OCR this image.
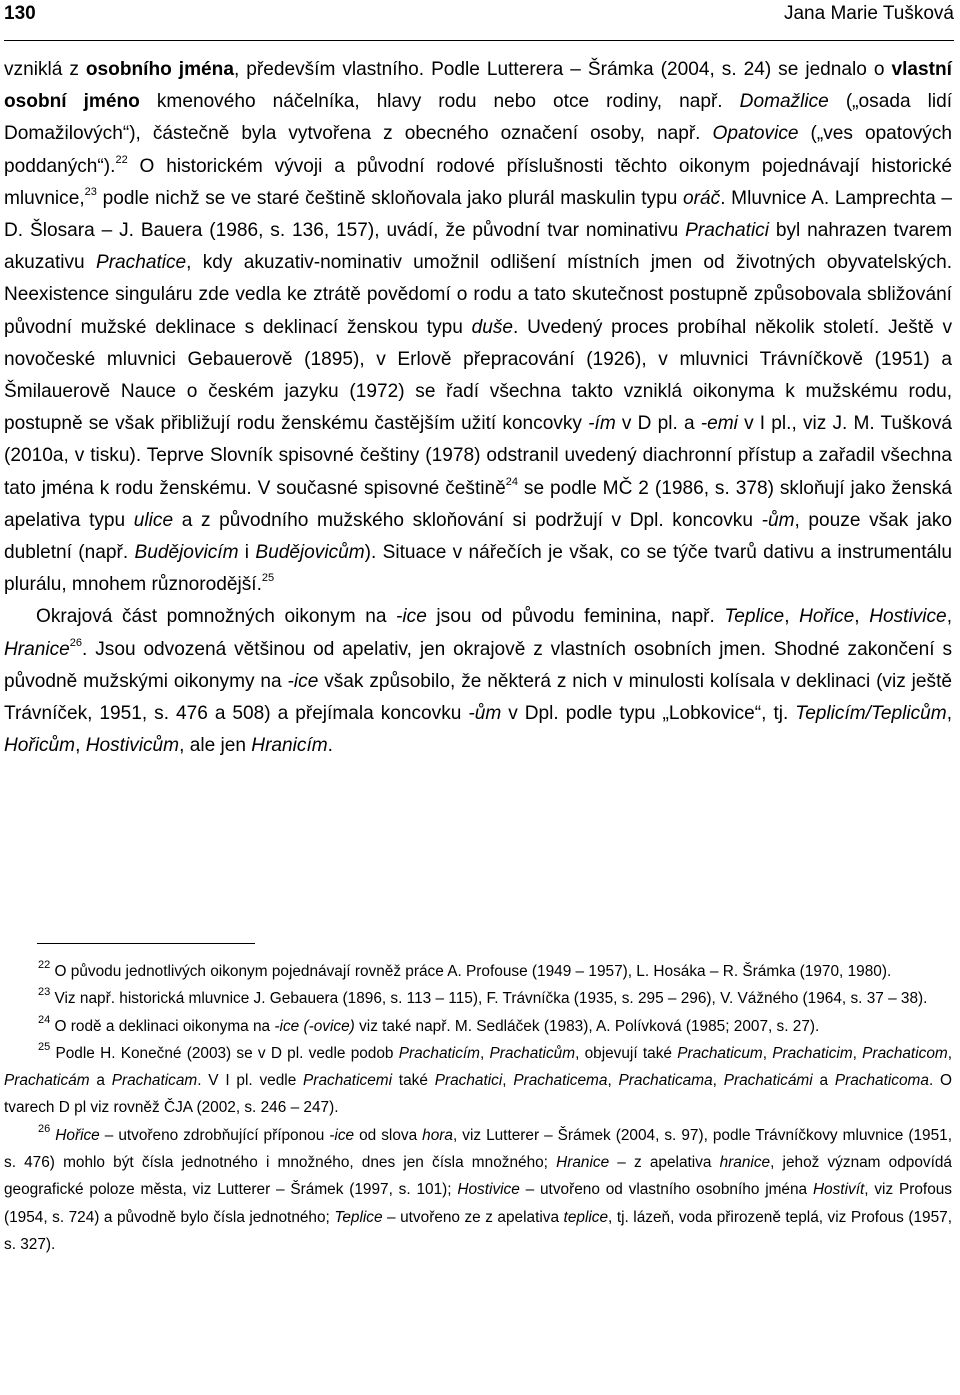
130	Jana Marie Tušková

vzniklá z osobního jména, především vlastního. Podle Lutterera – Šrámka (2004, s. 24) se jednalo o vlastní osobní jméno kmenového náčelníka, hlavy rodu nebo otce rodiny, např. Domažlice („osada lidí Domažilových“), částečně byla vytvořena z obecného označení osoby, např. Opatovice („ves opatových poddaných“).$^{22}$ O historickém vývoji a původní rodové příslušnosti těchto oikonym pojednávají historické mluvnice,$^{23}$ podle nichž se ve staré češtině skloňovala jako plurál maskulin typu oráč. Mluvnice A. Lamprechta – D. Šlosara – J. Bauera (1986, s. 136, 157), uvádí, že původní tvar nominativu Prachatici byl nahrazen tvarem akuzativu Prachatice, kdy akuzativ-nominativ umožnil odlišení místních jmen od životných obyvatelských. Neexistence singuláru zde vedla ke ztrátě povědomí o rodu a tato skutečnost postupně způsobovala sbližování původní mužské deklinace s deklinací ženskou typu duše. Uvedený proces probíhal několik století. Ještě v novočeské mluvnici Gebauerově (1895), v Erlově přepracování (1926), v mluvnici Trávníčkově (1951) a Šmilauerově Nauce o českém jazyku (1972) se řadí všechna takto vzniklá oikonyma k mužskému rodu, postupně se však přibližují rodu ženskému častějším užití koncovky -ím v D pl. a -emi v I pl., viz J. M. Tušková (2010a, v tisku). Teprve Slovník spisovné češtiny (1978) odstranil uvedený diachronní přístup a zařadil všechna tato jména k rodu ženskému. V současné spisovné češtině$^{24}$ se podle MČ 2 (1986, s. 378) skloňují jako ženská apelativa typu ulice a z původního mužského skloňování si podržují v Dpl. koncovku -ům, pouze však jako dubletní (např. Budějovicím i Budějovicům). Situace v nářečích je však, co se týče tvarů dativu a instrumentálu plurálu, mnohem různorodější.$^{25}$

Okrajová část pomnožných oikonym na -ice jsou od původu feminina, např. Teplice, Hořice, Hostivice, Hranice$^{26}$. Jsou odvozená většinou od apelativ, jen okrajově z vlastních osobních jmen. Shodné zakončení s původně mužskými oikonymy na -ice však způsobilo, že některá z nich v minulosti kolísala v deklinaci (viz ještě Trávníček, 1951, s. 476 a 508) a přejímala koncovku -ům v Dpl. podle typu „Lobkovice“, tj. Teplicím/Teplicům, Hořicům, Hostivicům, ale jen Hranicím.

$^{22}$ O původu jednotlivých oikonym pojednávají rovněž práce A. Profouse (1949 – 1957), L. Hosáka – R. Šrámka (1970, 1980).

$^{23}$ Viz např. historická mluvnice J. Gebauera (1896, s. 113 – 115), F. Trávníčka (1935, s. 295 – 296), V. Vážného (1964, s. 37 – 38).

$^{24}$ O rodě a deklinaci oikonyma na -ice (-ovice) viz také např. M. Sedláček (1983), A. Polívková (1985; 2007, s. 27).

$^{25}$ Podle H. Konečné (2003) se v D pl. vedle podob Prachaticím, Prachaticům, objevují také Prachaticum, Prachaticim, Prachaticom, Prachaticám a Prachaticam. V I pl. vedle Prachaticemi také Prachatici, Prachaticema, Prachaticama, Prachaticámi a Prachaticoma. O tvarech D pl viz rovněž ČJA (2002, s. 246 – 247).

$^{26}$ Hořice – utvořeno zdrobňující příponou -ice od slova hora, viz Lutterer – Šrámek (2004, s. 97), podle Trávníčkovy mluvnice (1951, s. 476) mohlo být čísla jednotného i množného, dnes jen čísla množného; Hranice – z apelativa hranice, jehož význam odpovídá geografické poloze města, viz Lutterer – Šrámek (1997, s. 101); Hostivice – utvořeno od vlastního osobního jména Hostivít, viz Profous (1954, s. 724) a původně bylo čísla jednotného; Teplice – utvořeno ze z apelativa teplice, tj. lázeň, voda přirozeně teplá, viz Profous (1957, s. 327).
